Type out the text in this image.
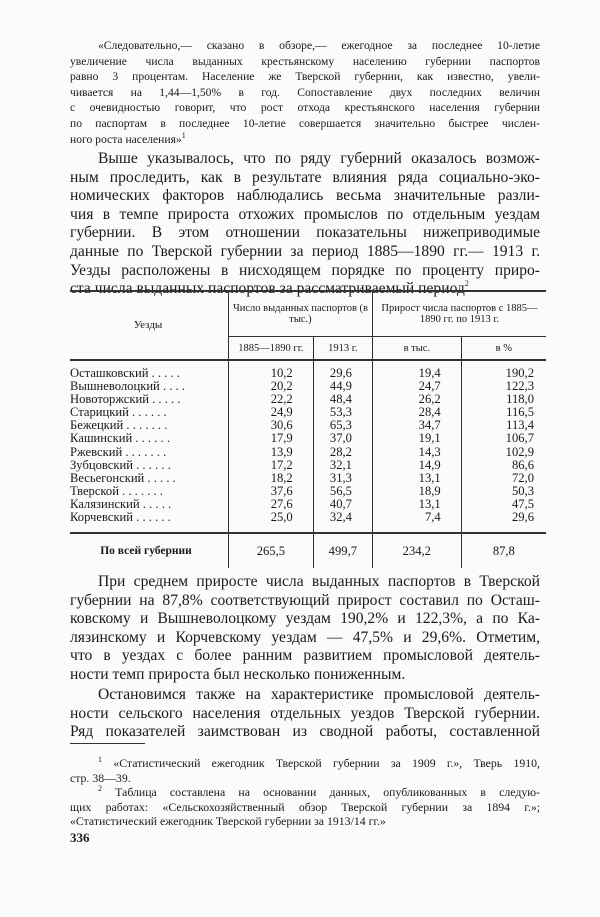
«Следовательно,— сказано в обзоре,— ежегодное за последнее 10-летие
увеличение числа выданных крестьянскому населению губернии паспортов
равно 3 процентам. Население же Тверской губернии, как известно, увели-
чивается на 1,44—1,50% в год. Сопоставление двух последних величин
с очевидностью говорит, что рост отхода крестьянского населения губернии
по паспортам в последнее 10-летие совершается значительно быстрее числен-
ного роста населения»$^1$
Выше указывалось, что по ряду губерний оказалось возмож-
ным проследить, как в результате влияния ряда социально-эко-
номических факторов наблюдались весьма значительные разли-
чия в темпе прироста отхожих промыслов по отдельным уездам
губернии. В этом отношении показательны нижеприводимые
данные по Тверской губернии за период 1885—1890 гг.— 1913 г.
Уезды расположены в нисходящем порядке по проценту приро-
ста числа выданных паспортов за рассматриваемый период$^2$
Уезды	Число выданных паспортов (в тыс.)		Прирост числа паспортов с 1885—1890 гг. по 1913 г.	
	1885—1890 гг.	1913 г.	в тыс.	в %
Осташковский . . . . .	10,2	29,6	19,4	190,2
Вышневолоцкий . . . .	20,2	44,9	24,7	122,3
Новоторжский . . . . .	22,2	48,4	26,2	118,0
Старицкий . . . . . .	24,9	53,3	28,4	116,5
Бежецкий . . . . . . .	30,6	65,3	34,7	113,4
Кашинский . . . . . .	17,9	37,0	19,1	106,7
Ржевский . . . . . . .	13,9	28,2	14,3	102,9
Зубцовский . . . . . .	17,2	32,1	14,9	86,6
Весьегонский . . . . .	18,2	31,3	13,1	72,0
Тверской . . . . . . .	37,6	56,5	18,9	50,3
Калязинский . . . . .	27,6	40,7	13,1	47,5
Корчевский . . . . . .	25,0	32,4	7,4	29,6
По всей губернии	265,5	499,7	234,2	87,8
При среднем приросте числа выданных паспортов в Тверской
губернии на 87,8% соответствующий прирост составил по Осташ-
ковскому и Вышневолоцкому уездам 190,2% и 122,3%, а по Ка-
лязинскому и Корчевскому уездам — 47,5% и 29,6%. Отметим,
что в уездах с более ранним развитием промысловой деятель-
ности темп прироста был несколько пониженным.
Остановимся также на характеристике промысловой деятель-
ности сельского населения отдельных уездов Тверской губернии.
Ряд показателей заимствован из сводной работы, составленной
$^1$ «Статистический ежегодник Тверской губернии за 1909 г.», Тверь 1910,
стр. 38—39.
$^2$ Таблица составлена на основании данных, опубликованных в следую-
щих работах: «Сельскохозяйственный обзор Тверской губернии за 1894 г.»;
«Статистический ежегодник Тверской губернии за 1913/14 гг.»
336
